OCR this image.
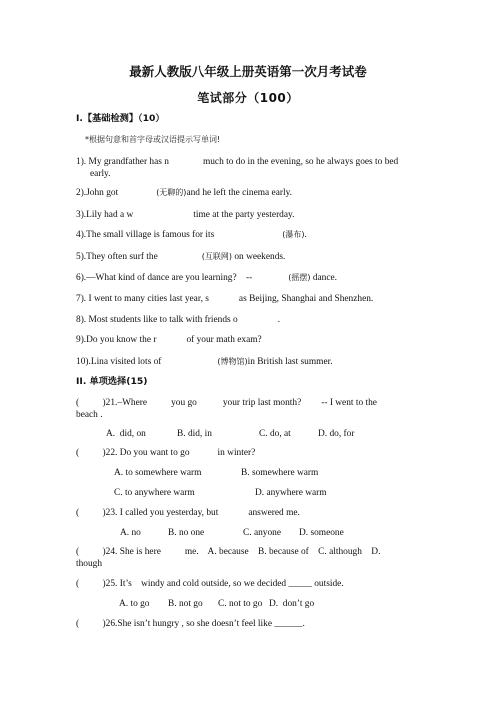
最新人教版八年级上册英语第一次月考试卷
笔试部分（100）
I.【基础检测】（10）
*根据句意和首字母或汉语提示写单词!
1). My grandfather has n	much to do in the evening, so he always goes to bed
early.
2).John got	(无聊的)and he left the cinema early.
3).Lily had a w	time at the party yesterday.
4).The small village is famous for its	(瀑布).
5).They often surf the	(互联网) on weekends.
6).—What kind of dance are you learning?    --	(摇摆) dance.
7). I went to many cities last year, s	as Beijing, Shanghai and Shenzhen.
8). Most students like to talk with friends o	.
9).Do you know the r	of your math exam?
10).Lina visited lots of	(博物馆)in British last summer.
II. 单项选择(15)
(          )21.–Where	you go	your trip last month? -- I went to the
beach .
A.  did, on	B. did, in	C. do, at	D. do, for
(          )22. Do you want to go	in winter?
A. to somewhere warm	B. somewhere warm
C. to anywhere warm	D. anywhere warm
(          )23. I called you yesterday, but	answered me.
A. no	B. no one	C. anyone D. someone
(          )24. She is here	me.    A. because    B. because of    C. although    D.
though
(          )25. It’s    windy and cold outside, so we decided _____ outside.
A. to go B. not go C. not to go D.  don’t go
(          )26.She isn’t hungry , so she doesn’t feel like ______.
